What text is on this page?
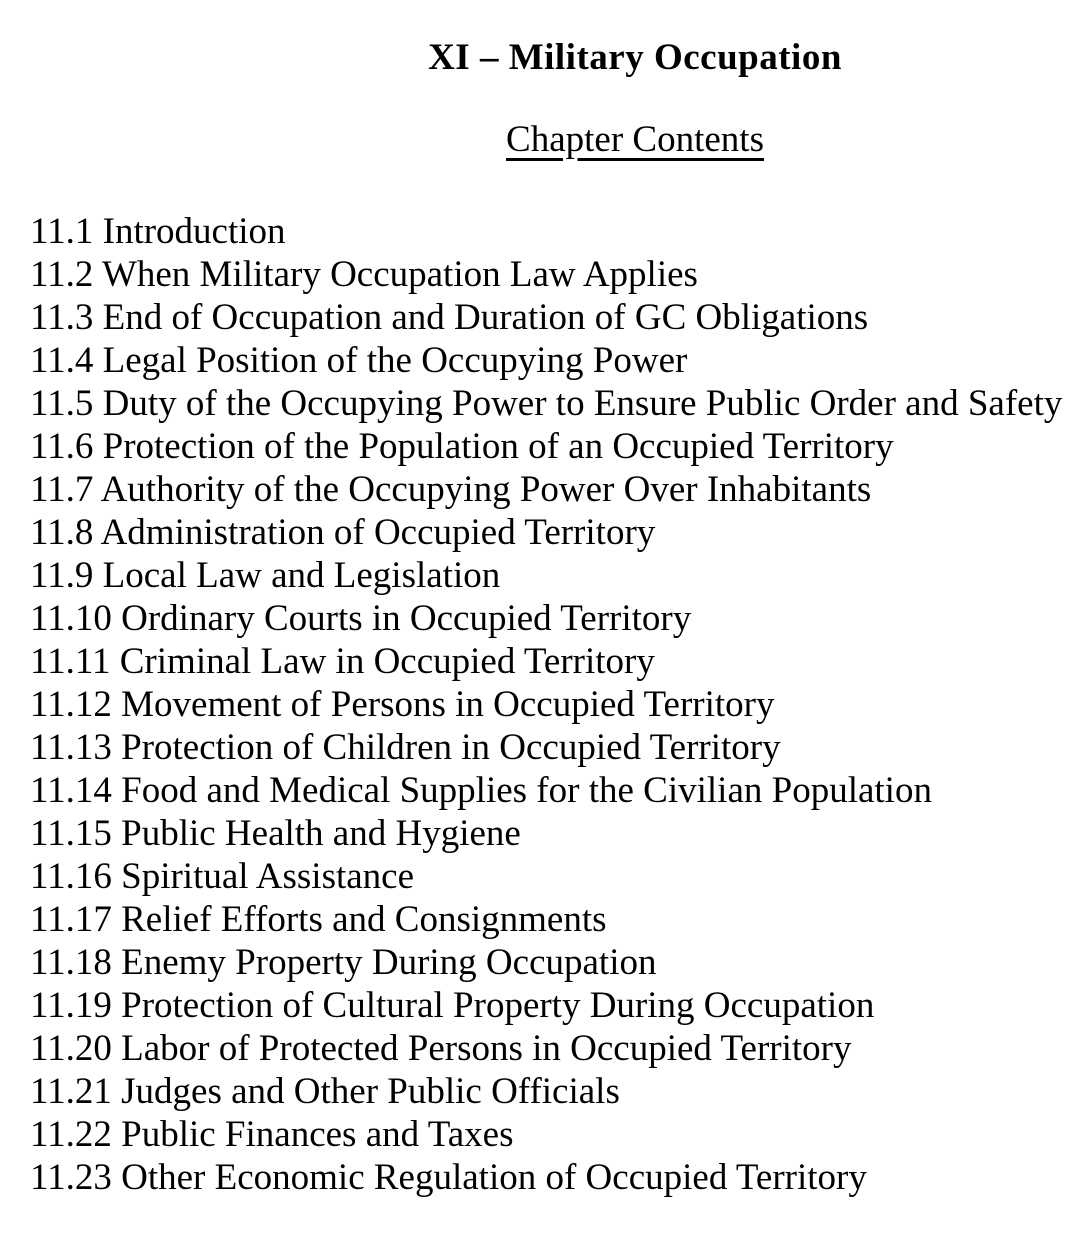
XI – Military Occupation
Chapter Contents
11.1 Introduction
11.2 When Military Occupation Law Applies
11.3 End of Occupation and Duration of GC Obligations
11.4 Legal Position of the Occupying Power
11.5 Duty of the Occupying Power to Ensure Public Order and Safety
11.6 Protection of the Population of an Occupied Territory
11.7 Authority of the Occupying Power Over Inhabitants
11.8 Administration of Occupied Territory
11.9 Local Law and Legislation
11.10 Ordinary Courts in Occupied Territory
11.11 Criminal Law in Occupied Territory
11.12 Movement of Persons in Occupied Territory
11.13 Protection of Children in Occupied Territory
11.14 Food and Medical Supplies for the Civilian Population
11.15 Public Health and Hygiene
11.16 Spiritual Assistance
11.17 Relief Efforts and Consignments
11.18 Enemy Property During Occupation
11.19 Protection of Cultural Property During Occupation
11.20 Labor of Protected Persons in Occupied Territory
11.21 Judges and Other Public Officials
11.22 Public Finances and Taxes
11.23 Other Economic Regulation of Occupied Territory
